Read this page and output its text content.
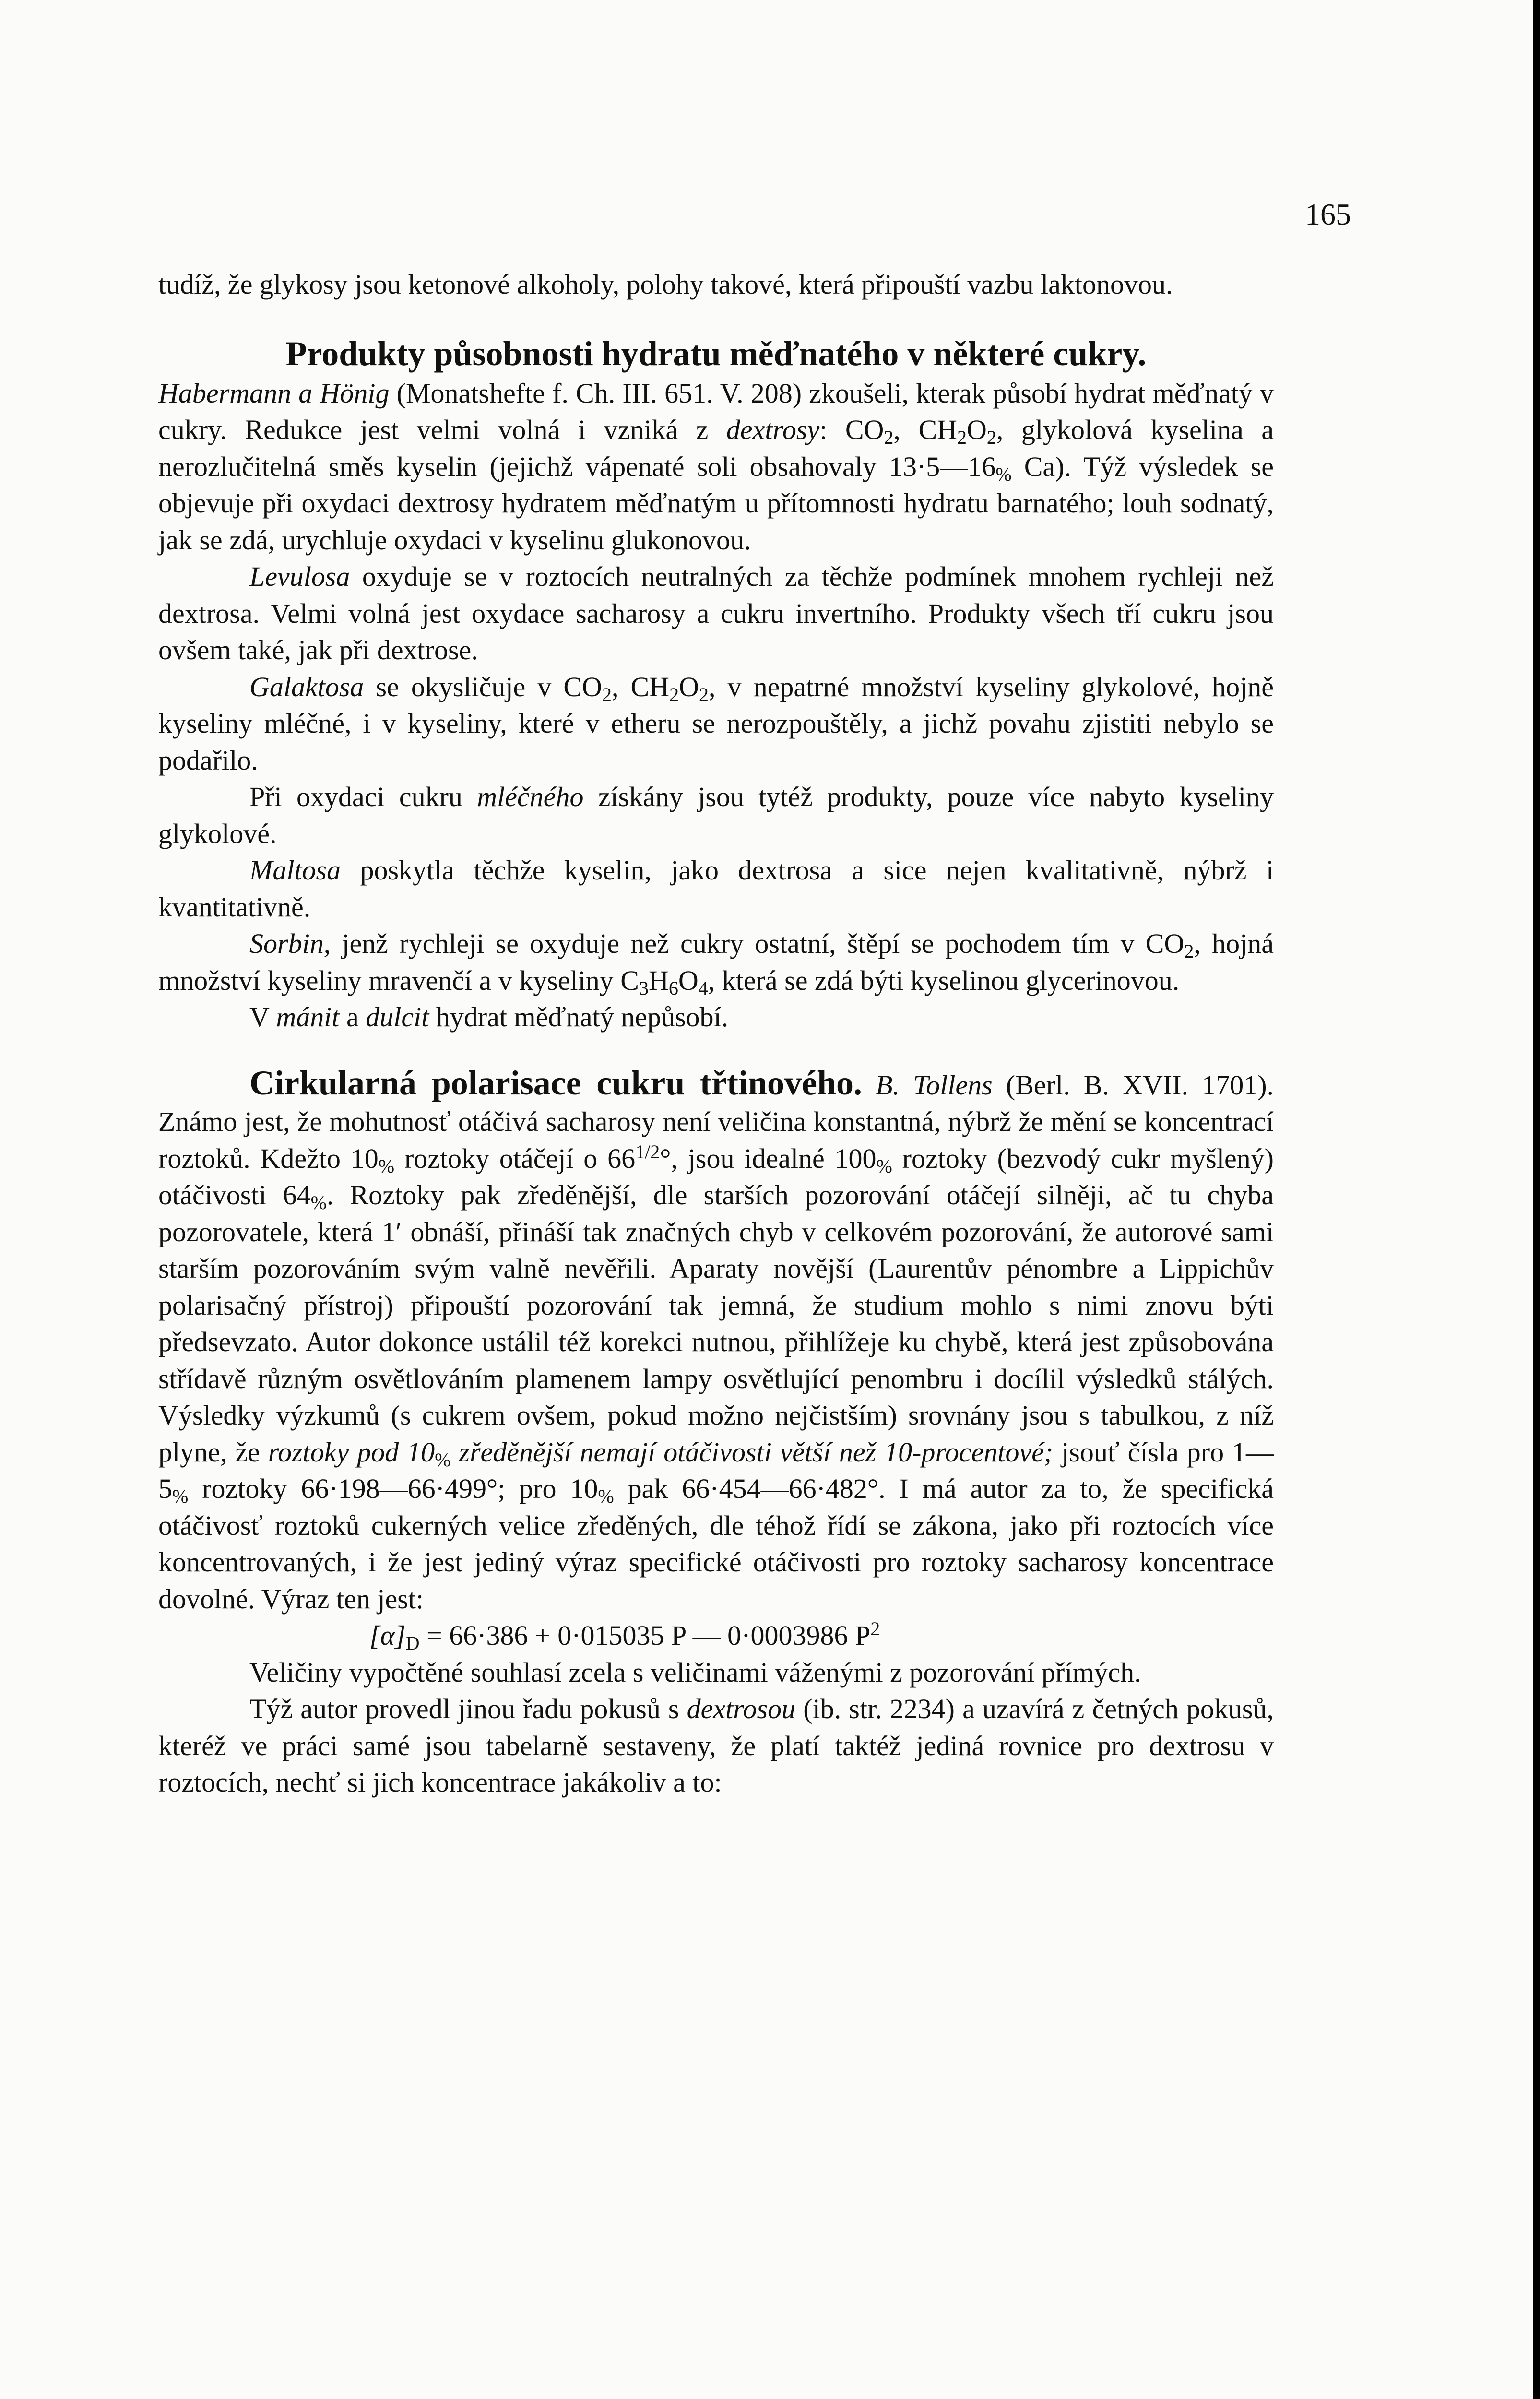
165

tudíž, že glykosy jsou ketonové alkoholy, polohy takové, která připouští vazbu laktonovou.

Produkty působnosti hydratu měďnatého v některé cukry.

Habermann a Hönig (Monatshefte f. Ch. III. 651. V. 208) zkoušeli, kterak působí hydrat měďnatý v cukry. Redukce jest velmi volná i vzniká z dextrosy: $CO_2$, $CH_2O_2$, glykolová kyselina a nerozlučitelná směs kyselin (jejichž vápenaté soli obsahovaly $13\cdot 5—16_{\%}$ Ca). Týž výsledek se objevuje při oxydaci dextrosy hydratem měďnatým u přítomnosti hydratu barnatého; louh sodnatý, jak se zdá, urychluje oxydaci v kyselinu glukonovou.

Levulosa oxyduje se v roztocích neutralných za těchže podmínek mnohem rychleji než dextrosa. Velmi volná jest oxydace sacharosy a cukru invertního. Produkty všech tří cukru jsou ovšem také, jak při dextrose.

Galaktosa se okysličuje v $CO_2$, $CH_2O_2$, v nepatrné množství kyseliny glykolové, hojně kyseliny mléčné, i v kyseliny, které v etheru se nerozpouštěly, a jichž povahu zjistiti nebylo se podařilo.

Při oxydaci cukru mléčného získány jsou tytéž produkty, pouze více nabyto kyseliny glykolové.

Maltosa poskytla těchže kyselin, jako dextrosa a sice nejen kvalitativně, nýbrž i kvantitativně.

Sorbin, jenž rychleji se oxyduje než cukry ostatní, štěpí se pochodem tím v $CO_2$, hojná množství kyseliny mravenčí a v kyseliny $C_3H_6O_4$, která se zdá býti kyselinou glycerinovou.

V mánit a dulcit hydrat měďnatý nepůsobí.

Cirkularná polarisace cukru třtinového. B. Tollens (Berl. B. XVII. 1701). Známo jest, že mohutnosť otáčivá sacharosy není veličina konstantná, nýbrž že mění se koncentrací roztoků. Kdežto $10_{\%}$ roztoky otáčejí o $66^{1/2}^\circ$, jsou idealné $100_{\%}$ roztoky (bezvodý cukr myšlený) otáčivosti $64_{\%}$. Roztoky pak zředěnější, dle starších pozorování otáčejí silněji, ač tu chyba pozorovatele, která 1′ obnáší, přináší tak značných chyb v celkovém pozorování, že autorové sami starším pozorováním svým valně nevěřili. Aparaty novější (Laurentův pénombre a Lippichův polarisačný přístroj) připouští pozorování tak jemná, že studium mohlo s nimi znovu býti předsevzato. Autor dokonce ustálil též korekci nutnou, přihlížeje ku chybě, která jest způsobována střídavě různým osvětlováním plamenem lampy osvětlující penombru i docílil výsledků stálých. Výsledky výzkumů (s cukrem ovšem, pokud možno nejčistším) srovnány jsou s tabulkou, z níž plyne, že roztoky pod $10_{\%}$ zředěnější nemají otáčivosti větší než 10-procentové; jsouť čísla pro $1—5_{\%}$ roztoky 66·198—66·499°; pro $10_{\%}$ pak 66·454—66·482°. I má autor za to, že specifická otáčivosť roztoků cukerných velice zředěných, dle téhož řídí se zákona, jako při roztocích více koncentrovaných, i že jest jediný výraz specifické otáčivosti pro roztoky sacharosy koncentrace dovolné. Výraz ten jest:

$[\alpha]_D = 66\cdot 386 + 0\cdot 015035$ P — 0·0003986 $P^2$

Veličiny vypočtěné souhlasí zcela s veličinami váženými z pozorování přímých.

Týž autor provedl jinou řadu pokusů s dextrosou (ib. str. 2234) a uzavírá z četných pokusů, kteréž ve práci samé jsou tabelarně sestaveny, že platí taktéž jediná rovnice pro dextrosu v roztocích, nechť si jich koncentrace jakákoliv a to:
